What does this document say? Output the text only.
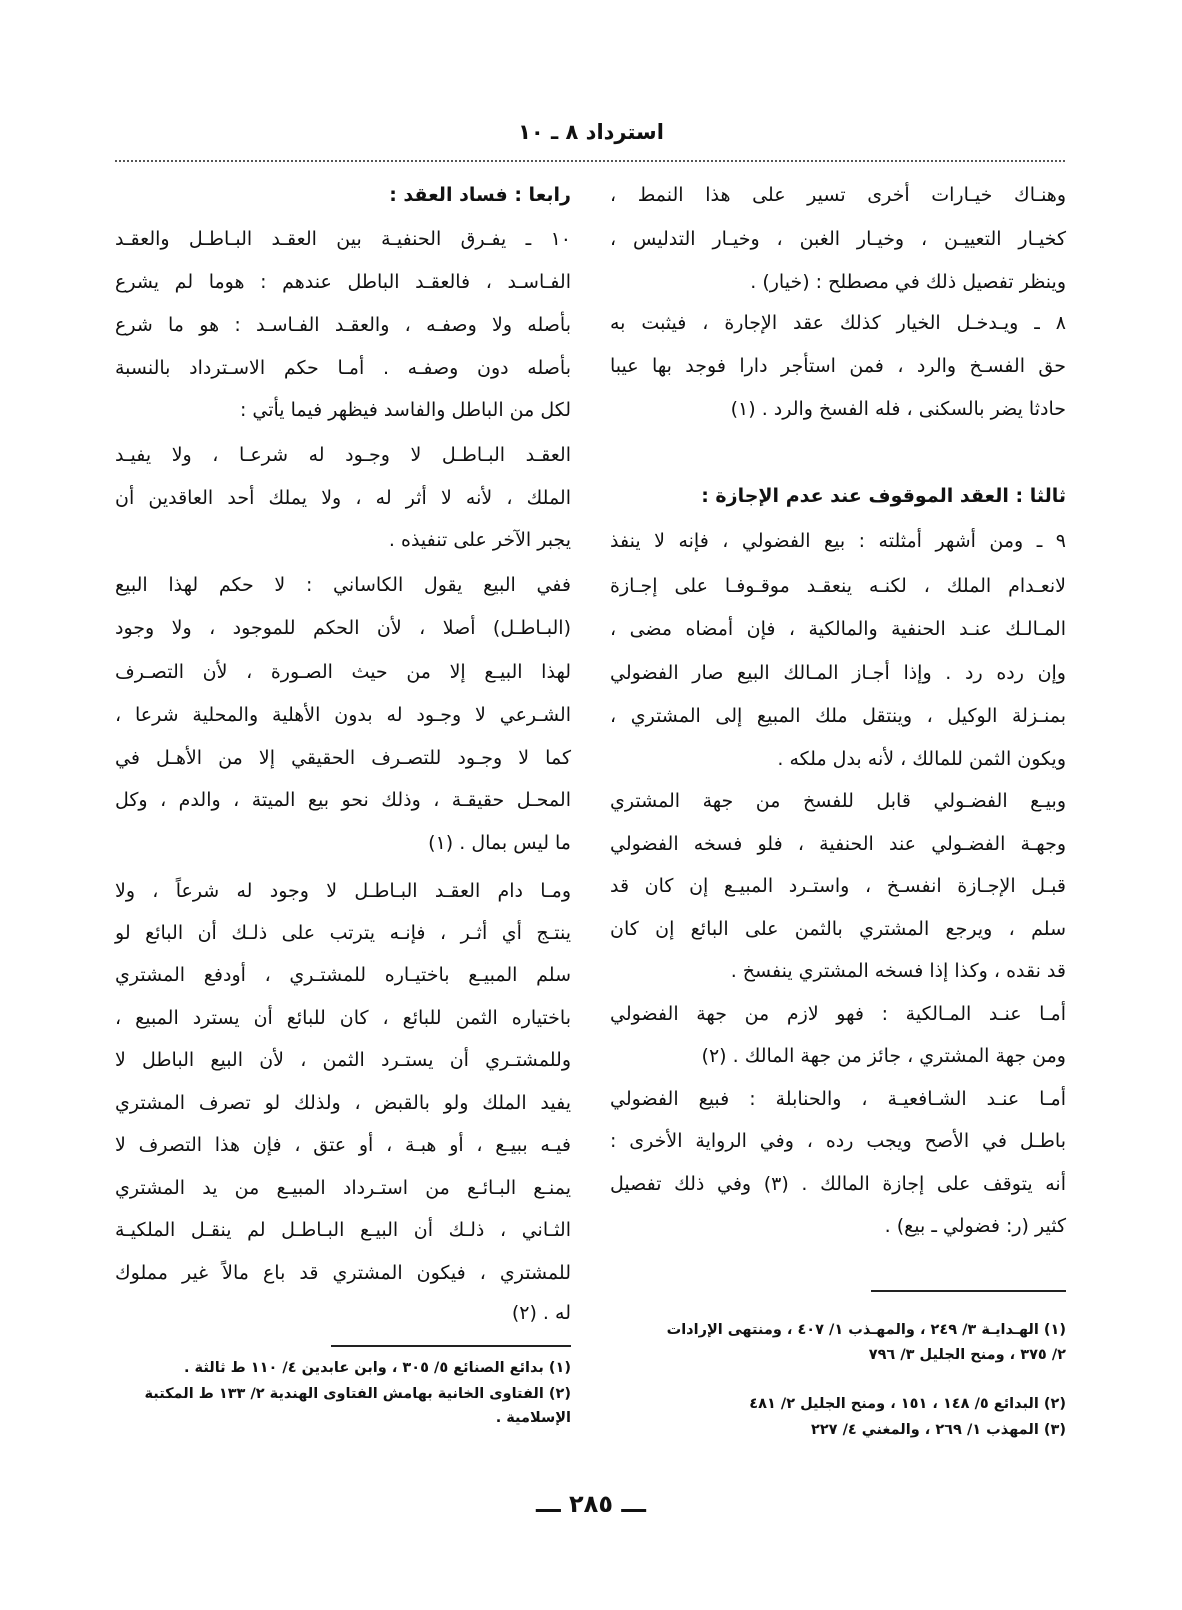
استرداد ٨ ـ ١٠
وهنـاك خيـارات أخرى تسير على هذا النمط ،
كخيـار التعييـن ، وخيـار الغبن ، وخيـار التدليس ،
وينظر تفصيل ذلك في مصطلح : (خيار) .
٨ ـ ويـدخـل الخيار كذلك عقد الإجارة ، فيثبت به
حق الفسـخ والرد ، فمن استأجر دارا فوجد بها عيبا
حادثا يضر بالسكنى ، فله الفسخ والرد . (١)
ثالثا : العقد الموقوف عند عدم الإجازة :
٩ ـ ومن أشهر أمثلته : بيع الفضولي ، فإنه لا ينفذ
لانعـدام الملك ، لكنـه ينعقـد موقـوفـا على إجـازة
المـالـك عنـد الحنفية والمالكية ، فإن أمضاه مضى ،
وإن رده رد . وإذا أجـاز المـالك البيع صار الفضولي
بمنـزلة الوكيل ، وينتقل ملك المبيع إلى المشتري ،
ويكون الثمن للمالك ، لأنه بدل ملكه .
وبيـع الفضـولي قابل للفسخ من جهة المشتري
وجهـة الفضـولي عند الحنفية ، فلو فسخه الفضولي
قبـل الإجـازة انفسـخ ، واستـرد المبيـع إن كان قد
سلم ، ويرجع المشتري بالثمن على البائع إن كان
قد نقده ، وكذا إذا فسخه المشتري ينفسخ .
أمـا عنـد المـالكية : فهو لازم من جهة الفضولي
ومن جهة المشتري ، جائز من جهة المالك . (٢)
أمـا عنـد الشـافعيـة ، والحنابلة : فبيع الفضولي
باطـل في الأصح ويجب رده ، وفي الرواية الأخرى :
أنه يتوقف على إجازة المالك . (٣) وفي ذلك تفصيل
كثير (ر: فضولي ـ بيع) .
(١) الهـدايـة ٣/ ٢٤٩ ، والمهـذب ١/ ٤٠٧ ، ومنتهى الإرادات
٢/ ٣٧٥ ، ومنح الجليل ٣/ ٧٩٦
(٢) البدائع ٥/ ١٤٨ ، ١٥١ ، ومنح الجليل ٢/ ٤٨١
(٣) المهذب ١/ ٢٦٩ ، والمغني ٤/ ٢٢٧
رابعا : فساد العقد :
١٠ ـ يفـرق الحنفيـة بين العقـد البـاطـل والعقـد
الفـاسـد ، فالعقـد الباطل عندهم : هوما لم يشرع
بأصله ولا وصفـه ، والعقـد الفـاسـد : هو ما شرع
بأصله دون وصفـه . أمـا حكم الاسـترداد بالنسبة
لكل من الباطل والفاسد فيظهر فيما يأتي :
العقـد البـاطـل لا وجـود له شرعـا ، ولا يفيـد
الملك ، لأنه لا أثر له ، ولا يملك أحد العاقدين أن
يجبر الآخر على تنفيذه .
ففي البيع يقول الكاساني : لا حكم لهذا البيع
(البـاطـل) أصلا ، لأن الحكم للموجود ، ولا وجود
لهذا البيـع إلا من حيث الصـورة ، لأن التصـرف
الشـرعي لا وجـود له بدون الأهلية والمحلية شرعا ،
كما لا وجـود للتصـرف الحقيقي إلا من الأهـل في
المحـل حقيقـة ، وذلك نحو بيع الميتة ، والدم ، وكل
ما ليس بمال . (١)
ومـا دام العقـد البـاطـل لا وجود له شرعاً ، ولا
ينتـج أي أثـر ، فإنـه يترتب على ذلـك أن البائع لو
سلم المبيـع باختيـاره للمشتـري ، أودفع المشتري
باختياره الثمن للبائع ، كان للبائع أن يسترد المبيع ،
وللمشتـري أن يستـرد الثمن ، لأن البيع الباطل لا
يفيد الملك ولو بالقبض ، ولذلك لو تصرف المشتري
فيـه ببيـع ، أو هبـة ، أو عتق ، فإن هذا التصرف لا
يمنـع البـائـع من استـرداد المبيـع من يد المشتري
الثـاني ، ذلـك أن البيـع البـاطـل لم ينقـل الملكيـة
للمشتري ، فيكون المشتري قد باع مالاً غير مملوك
له . (٢)
(١) بدائع الصنائع ٥/ ٣٠٥ ، وابن عابدين ٤/ ١١٠ ط ثالثة .
(٢) الفتاوى الخانية بهامش الفتاوى الهندية ٢/ ١٣٣ ط المكتبة
الإسلامية .
ـــ ٢٨٥ ـــ
